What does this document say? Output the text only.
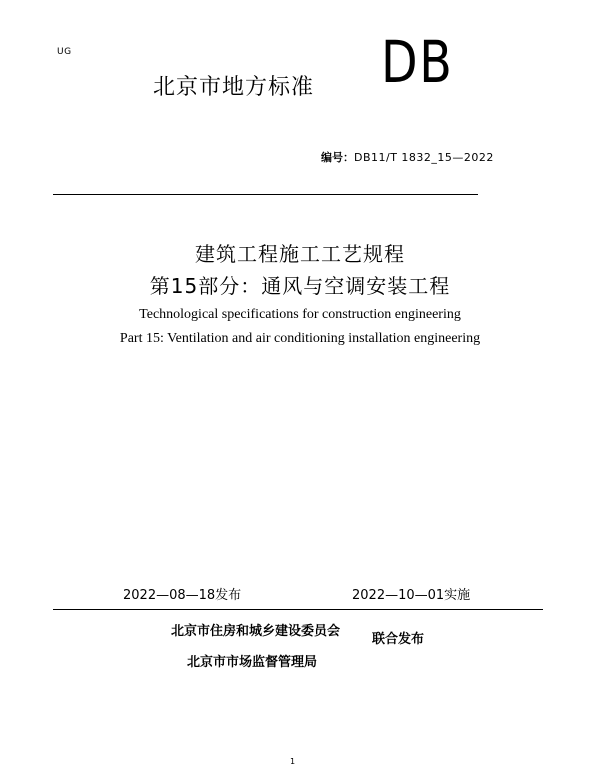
UG
北京市地方标准 DB
编号：DB11/T 1832_15—2022
建筑工程施工工艺规程
第15部分：通风与空调安装工程
Technological specifications for construction engineering
Part 15: Ventilation and air conditioning installation engineering
2022—08—18发布	2022—10—01实施
北京市住房和城乡建设委员会
北京市市场监督管理局
联合发布
1
